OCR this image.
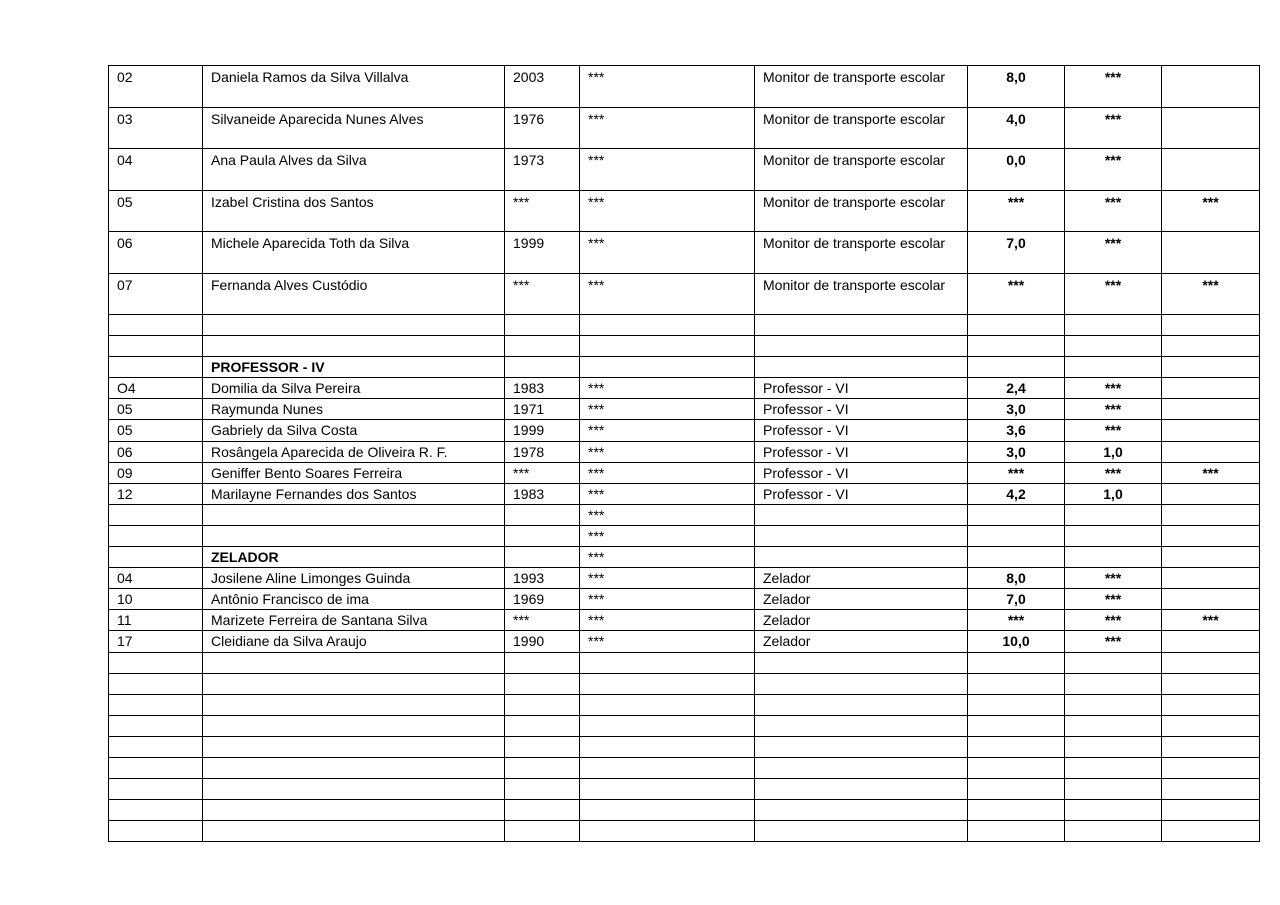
02	Daniela Ramos da Silva Villalva	2003	***	Monitor de transporte escolar	8,0	***	
03	Silvaneide Aparecida Nunes Alves	1976	***	Monitor de transporte escolar	4,0	***	
04	Ana Paula Alves da Silva	1973	***	Monitor de transporte escolar	0,0	***	
05	Izabel Cristina dos Santos	***	***	Monitor de transporte escolar	***	***	***
06	Michele Aparecida Toth da Silva	1999	***	Monitor de transporte escolar	7,0	***	
07	Fernanda Alves Custódio	***	***	Monitor de transporte escolar	***	***	***

	PROFESSOR - IV						
O4	Domilia da Silva Pereira	1983	***	Professor - VI	2,4	***	
05	Raymunda Nunes	1971	***	Professor - VI	3,0	***	
05	Gabriely da Silva Costa	1999	***	Professor - VI	3,6	***	
06	Rosângela Aparecida de Oliveira R. F.	1978	***	Professor - VI	3,0	1,0	
09	Geniffer Bento Soares Ferreira	***	***	Professor - VI	***	***	***
12	Marilayne Fernandes dos Santos	1983	***	Professor - VI	4,2	1,0	
			***				
			***				
	ZELADOR		***				
04	Josilene Aline Limonges Guinda	1993	***	Zelador	8,0	***	
10	Antônio Francisco de ima	1969	***	Zelador	7,0	***	
11	Marizete Ferreira de Santana Silva	***	***	Zelador	***	***	***
17	Cleidiane da Silva Araujo	1990	***	Zelador	10,0	***	
